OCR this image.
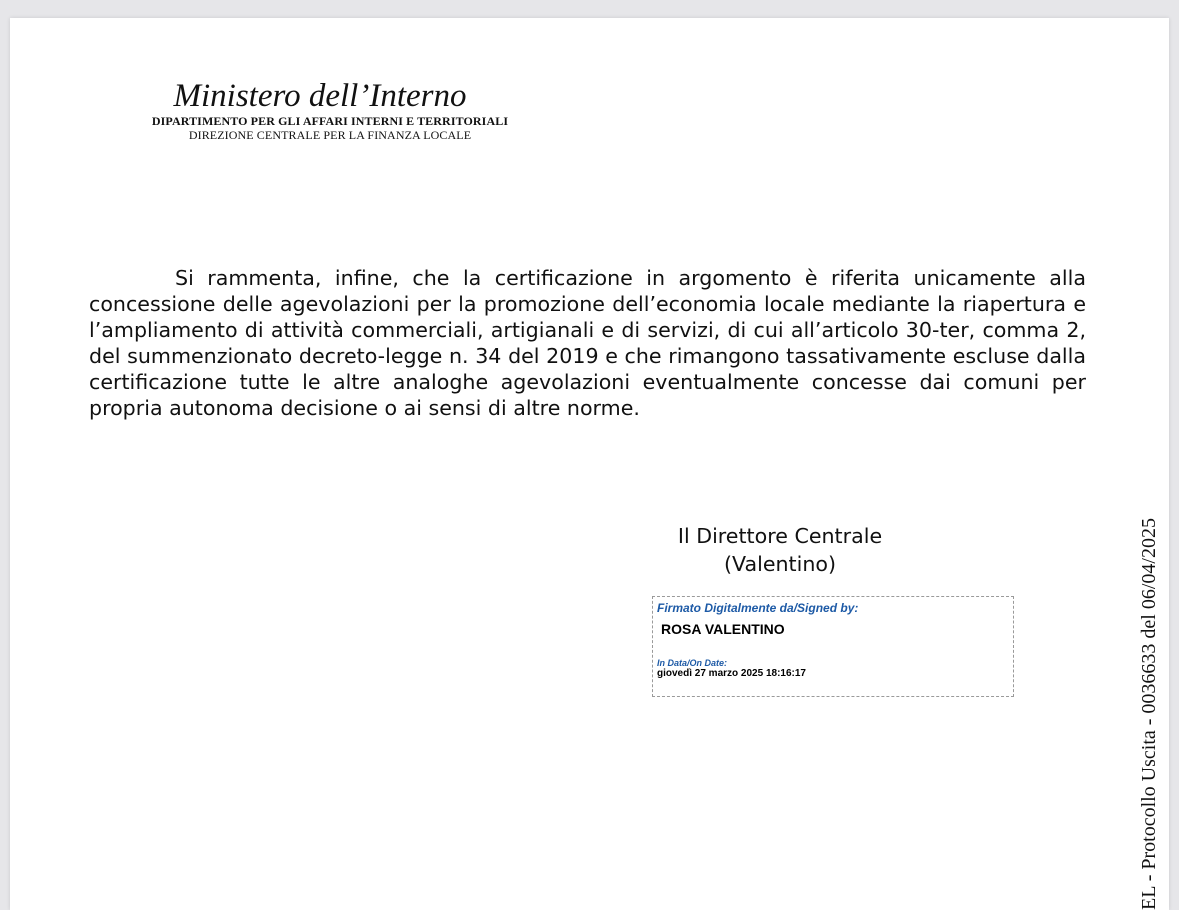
Ministero dell’Interno
DIPARTIMENTO PER GLI AFFARI INTERNI E TERRITORIALI
DIREZIONE CENTRALE PER LA FINANZA LOCALE
Si rammenta, infine, che la certificazione in argomento è riferita unicamente alla concessione delle agevolazioni per la promozione dell’economia locale mediante la riapertura e l’ampliamento di attività commerciali, artigianali e di servizi, di cui all’articolo 30-ter, comma 2, del summenzionato decreto-legge n. 34 del 2019 e che rimangono tassativamente escluse dalla certificazione tutte le altre analoghe agevolazioni eventualmente concesse dai comuni per propria autonoma decisione o ai sensi di altre norme.
Il Direttore Centrale
(Valentino)
Firmato Digitalmente da/Signed by:
ROSA VALENTINO
In Data/On Date:
giovedì 27 marzo 2025 18:16:17	EL - Protocollo Uscita - 0036633 del 06/04/2025
